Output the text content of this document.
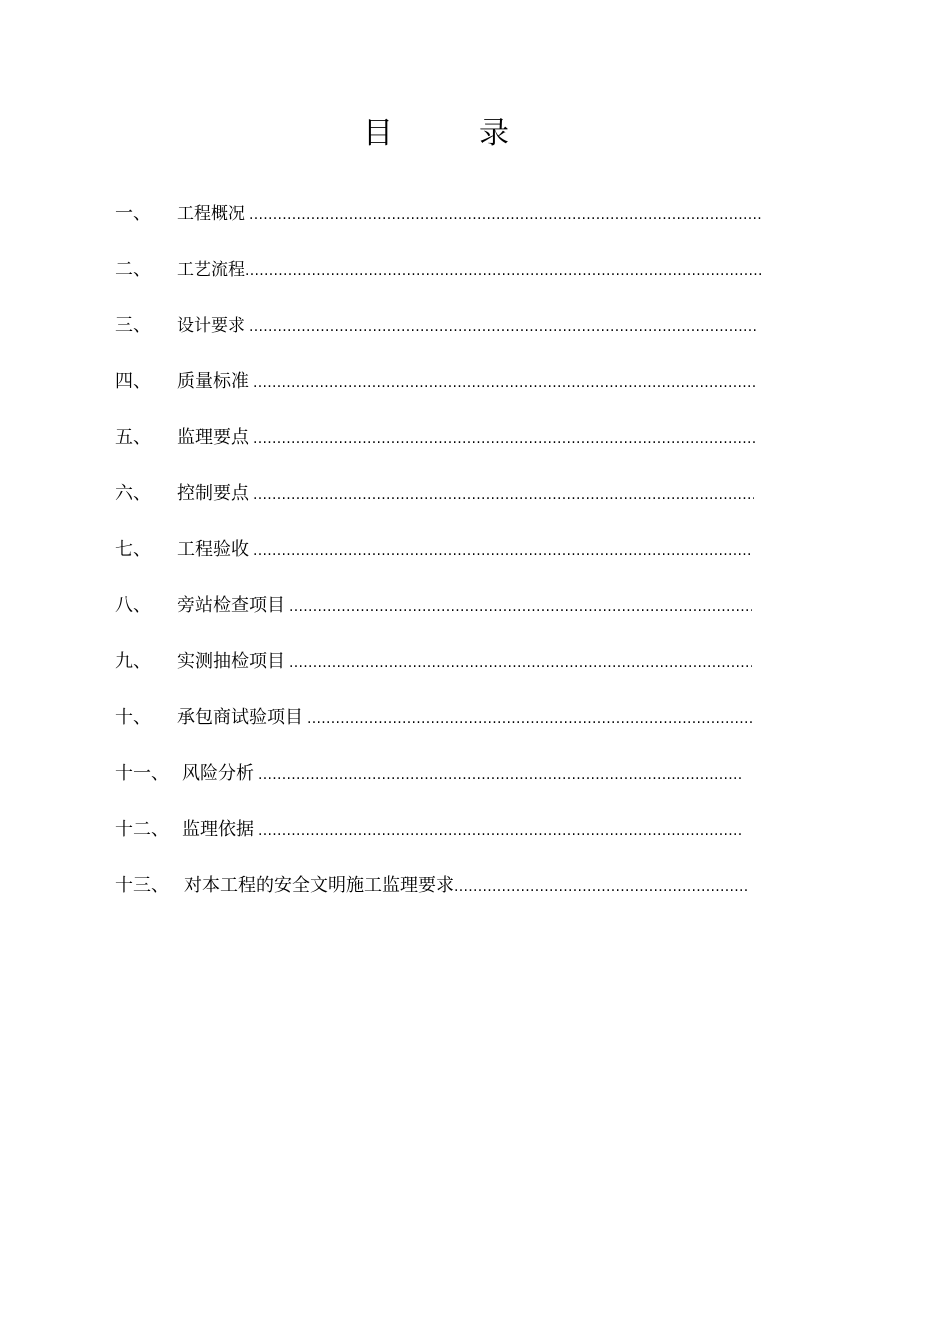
目　录
一、	工程概况
.....
二、	工艺流程
.....
三、	设计要求
.....
四、	质量标准
.....
五、	监理要点
.....
六、	控制要点
.....
七、	工程验收
.....
八、	旁站检查项目
.....
九、	实测抽检项目
.....
十、	承包商试验项目
.....
十一、 风险分析
.....
十二、 监理依据
.....
十三、 对本工程的安全文明施工监理要求
.....
